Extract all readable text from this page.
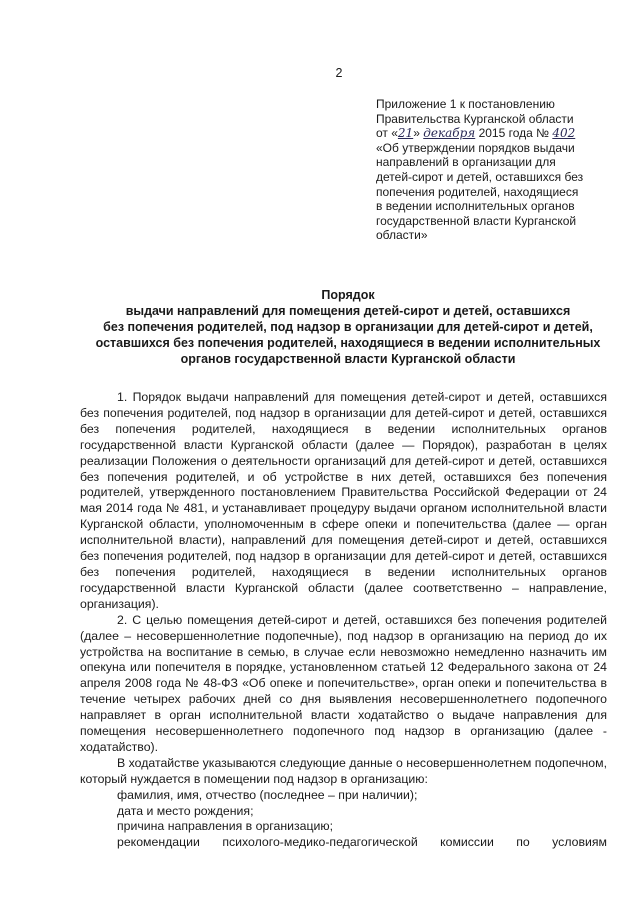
2
Приложение 1 к постановлению
Правительства Курганской области
от «21» декабря 2015 года № 402
«Об утверждении порядков выдачи
направлений в организации для
детей-сирот и детей, оставшихся без
попечения родителей, находящиеся
в ведении исполнительных органов
государственной власти Курганской
области»
Порядок
выдачи направлений для помещения детей-сирот и детей, оставшихся
без попечения родителей, под надзор в организации для детей-сирот и детей,
оставшихся без попечения родителей, находящиеся в ведении исполнительных
органов государственной власти Курганской области

1. Порядок выдачи направлений для помещения детей-сирот и детей, оставшихся без попечения родителей, под надзор в организации для детей-сирот и детей, оставшихся без попечения родителей, находящиеся в ведении исполнительных органов государственной власти Курганской области (далее — Порядок), разработан в целях реализации Положения о деятельности организаций для детей-сирот и детей, оставшихся без попечения родителей, и об устройстве в них детей, оставшихся без попечения родителей, утвержденного постановлением Правительства Российской Федерации от 24 мая 2014 года № 481, и устанавливает процедуру выдачи органом исполнительной власти Курганской области, уполномоченным в сфере опеки и попечительства (далее — орган исполнительной власти), направлений для помещения детей-сирот и детей, оставшихся без попечения родителей, под надзор в организации для детей-сирот и детей, оставшихся без попечения родителей, находящиеся в ведении исполнительных органов государственной власти Курганской области (далее соответственно – направление, организация).

2. С целью помещения детей-сирот и детей, оставшихся без попечения родителей (далее – несовершеннолетние подопечные), под надзор в организацию на период до их устройства на воспитание в семью, в случае если невозможно немедленно назначить им опекуна или попечителя в порядке, установленном статьей 12 Федерального закона от 24 апреля 2008 года № 48-ФЗ «Об опеке и попечительстве», орган опеки и попечительства в течение четырех рабочих дней со дня выявления несовершеннолетнего подопечного направляет в орган исполнительной власти ходатайство о выдаче направления для помещения несовершеннолетнего подопечного под надзор в организацию (далее - ходатайство).

В ходатайстве указываются следующие данные о несовершеннолетнем подопечном, который нуждается в помещении под надзор в организацию:

фамилия, имя, отчество (последнее – при наличии);

дата и место рождения;

причина направления в организацию;

рекомендации психолого-медико-педагогической комиссии по условиям
